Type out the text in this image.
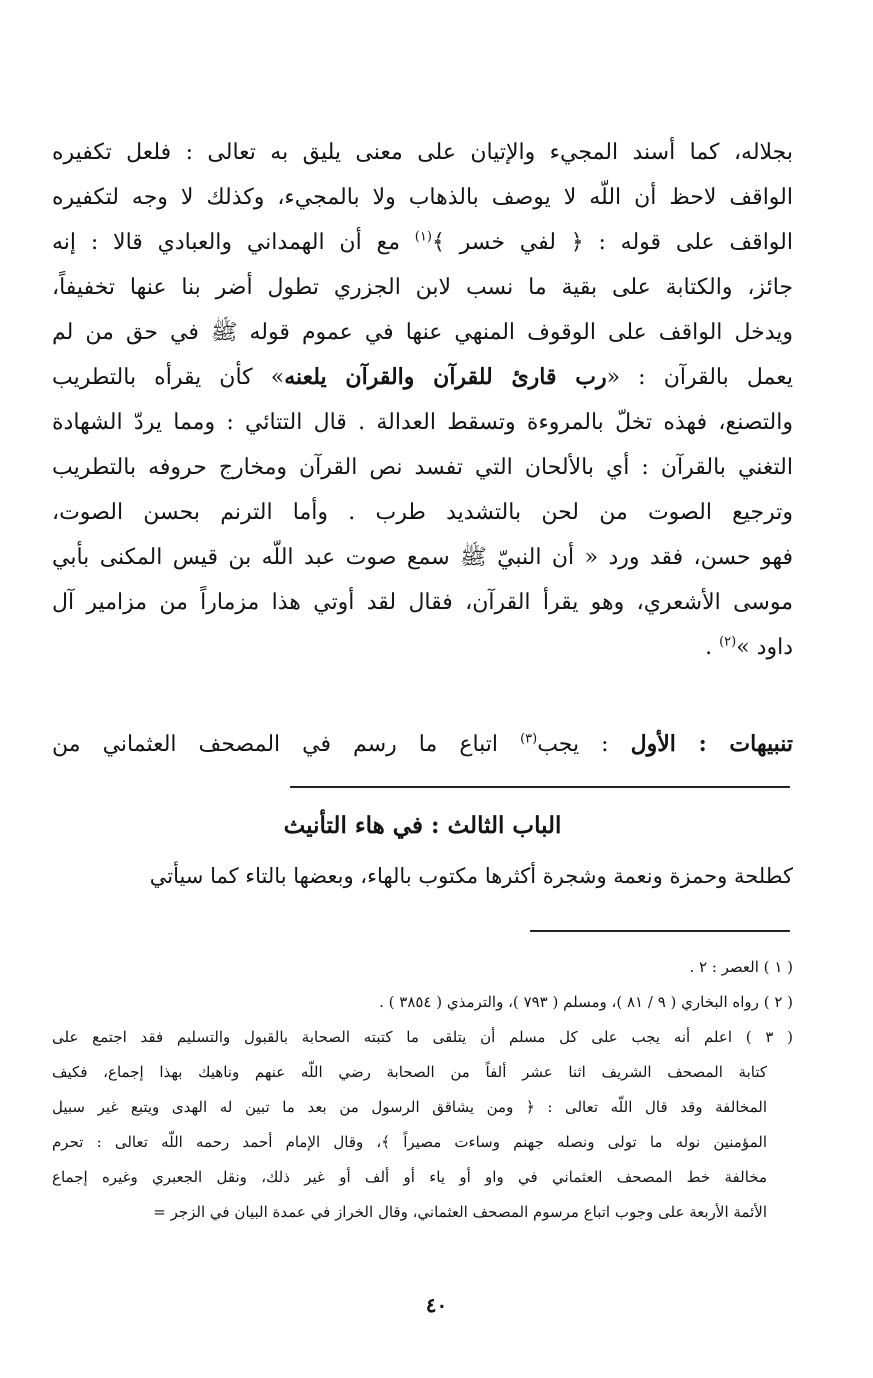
بجلاله، كما أسند المجيء والإتيان على معنى يليق به تعالى : فلعل تكفيره
الواقف لاحظ أن اللّه لا يوصف بالذهاب ولا بالمجيء، وكذلك لا وجه لتكفيره
الواقف على قوله : ﴿ لفي خسر ﴾$^{(١)}$ مع أن الهمداني والعبادي قالا : إنه
جائز، والكتابة على بقية ما نسب لابن الجزري تطول أضر بنا عنها تخفيفاً،
ويدخل الواقف على الوقوف المنهي عنها في عموم قوله ﷺ في حق من لم
يعمل بالقرآن : «رب قارئ للقرآن والقرآن يلعنه» كأن يقرأه بالتطريب
والتصنع، فهذه تخلّ بالمروءة وتسقط العدالة . قال التتائي : ومما يردّ الشهادة
التغني بالقرآن : أي بالألحان التي تفسد نص القرآن ومخارج حروفه بالتطريب
وترجيع الصوت من لحن بالتشديد طرب . وأما الترنم بحسن الصوت،
فهو حسن، فقد ورد « أن النبيّ ﷺ سمع صوت عبد اللّه بن قيس المكنى بأبي
موسى الأشعري، وهو يقرأ القرآن، فقال لقد أوتي هذا مزماراً من مزامير آل
داود »$^{(٢)}$ .
تنبيهات : الأول : يجب$^{(٣)}$ اتباع ما رسم في المصحف العثماني من
الباب الثالث : في هاء التأنيث
كطلحة وحمزة ونعمة وشجرة أكثرها مكتوب بالهاء، وبعضها بالتاء كما سيأتي
( ١ ) العصر : ٢ .
( ٢ ) رواه البخاري ( ٩ / ٨١ )، ومسلم ( ٧٩٣ )، والترمذي ( ٣٨٥٤ ) .
( ٣ ) اعلم أنه يجب على كل مسلم أن يتلقى ما كتبته الصحابة بالقبول والتسليم فقد اجتمع على
كتابة المصحف الشريف اثنا عشر ألفاً من الصحابة رضي اللّه عنهم وناهيك بهذا إجماع، فكيف
المخالفة وقد قال اللّه تعالى : ﴿ ومن يشاقق الرسول من بعد ما تبين له الهدى ويتبع غير سبيل
المؤمنين نوله ما تولى ونصله جهنم وساءت مصيراً ﴾، وقال الإمام أحمد رحمه اللّه تعالى : تحرم
مخالفة خط المصحف العثماني في واو أو ياء أو ألف أو غير ذلك، ونقل الجعبري وغيره إجماع
الأئمة الأربعة على وجوب اتباع مرسوم المصحف العثماني، وقال الخراز في عمدة البيان في الزجر =
٤٠
